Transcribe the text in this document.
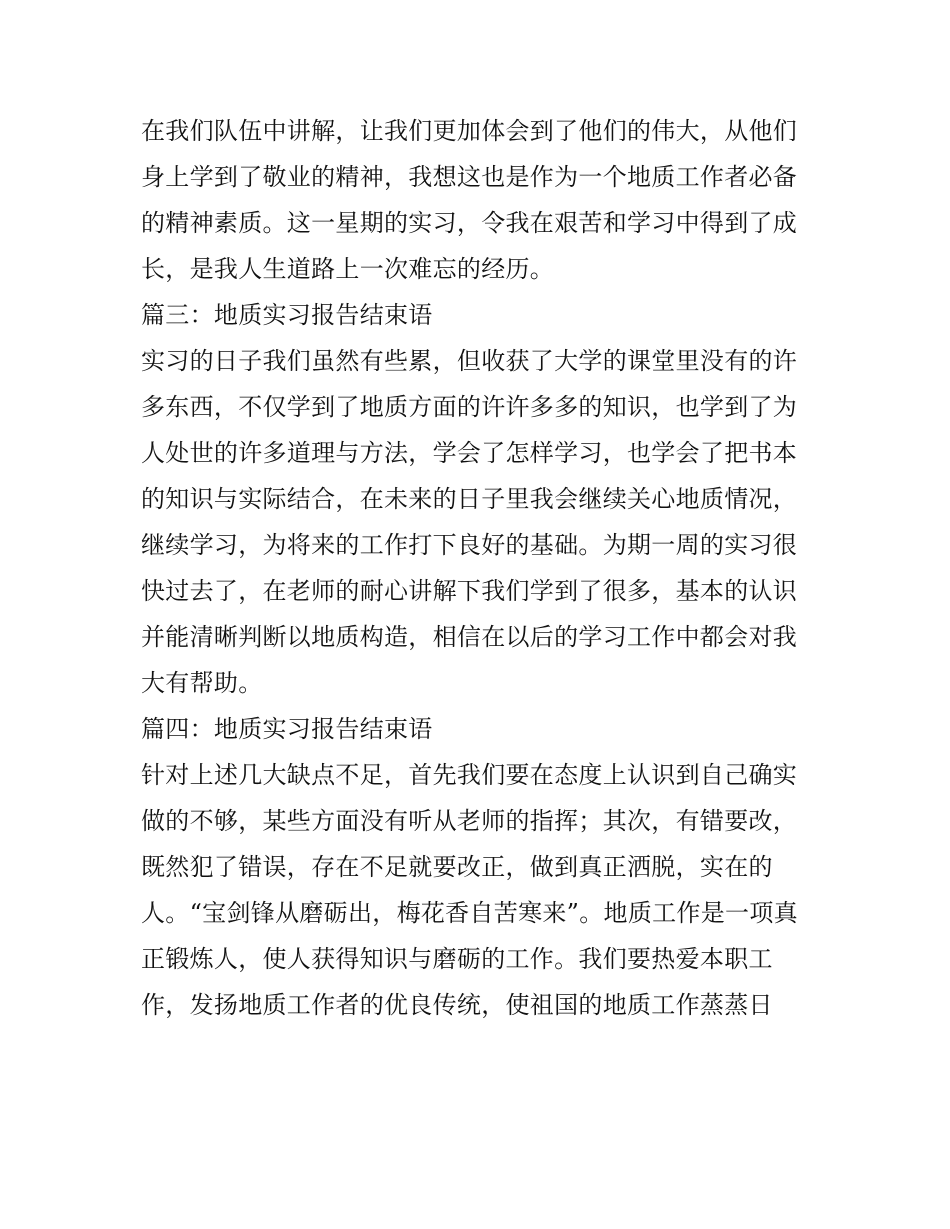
在我们队伍中讲解，让我们更加体会到了他们的伟大，从他们
身上学到了敬业的精神，我想这也是作为一个地质工作者必备
的精神素质。这一星期的实习，令我在艰苦和学习中得到了成
长，是我人生道路上一次难忘的经历。
篇三：地质实习报告结束语
实习的日子我们虽然有些累，但收获了大学的课堂里没有的许
多东西，不仅学到了地质方面的许许多多的知识，也学到了为
人处世的许多道理与方法，学会了怎样学习，也学会了把书本
的知识与实际结合，在未来的日子里我会继续关心地质情况，
继续学习，为将来的工作打下良好的基础。为期一周的实习很
快过去了，在老师的耐心讲解下我们学到了很多，基本的认识
并能清晰判断以地质构造，相信在以后的学习工作中都会对我
大有帮助。
篇四：地质实习报告结束语
针对上述几大缺点不足，首先我们要在态度上认识到自己确实
做的不够，某些方面没有听从老师的指挥；其次，有错要改，
既然犯了错误，存在不足就要改正，做到真正洒脱，实在的
人。“宝剑锋从磨砺出，梅花香自苦寒来”。地质工作是一项真
正锻炼人，使人获得知识与磨砺的工作。我们要热爱本职工
作，发扬地质工作者的优良传统，使祖国的地质工作蒸蒸日
